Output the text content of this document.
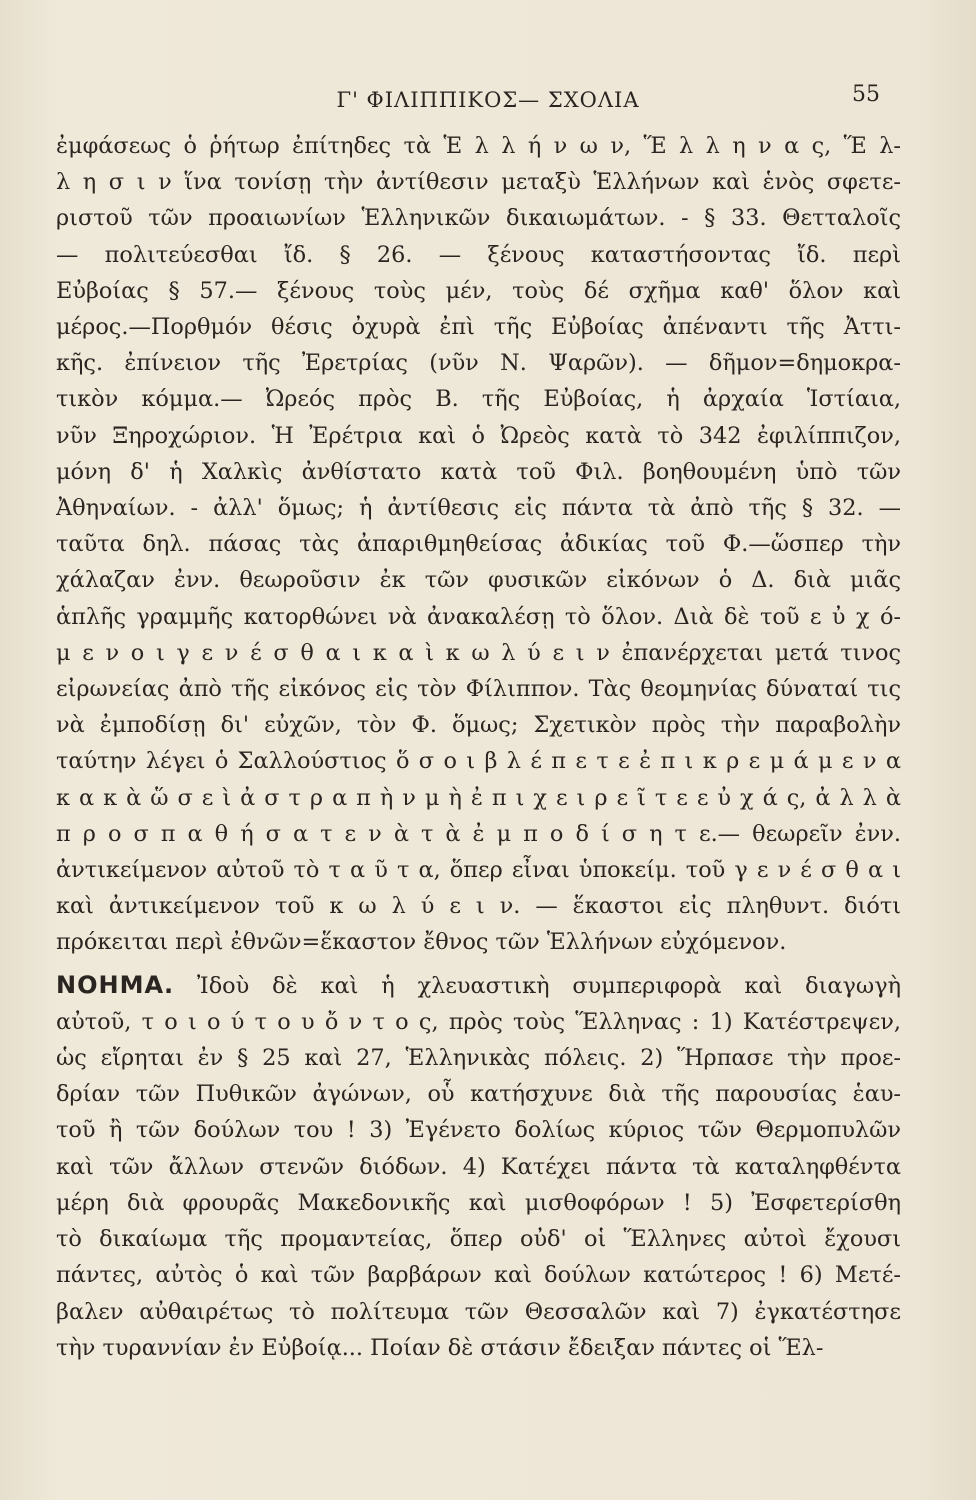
Γ' ΦΙΛΙΠΠΙΚΟΣ— ΣΧΟΛΙΑ	55
ἐμφάσεως ὁ ῥήτωρ ἐπίτηδες τὰ Ἑ λ λ ή ν ω ν, Ἕ λ λ η ν α ς, Ἕ λ-
λ η σ ι ν ἵνα τονίσῃ τὴν ἀντίθεσιν μεταξὺ Ἑλλήνων καὶ ἑνὸς σφετε-
ριστοῦ τῶν προαιωνίων Ἑλληνικῶν δικαιωμάτων. - § 33. Θετταλοῖς
— πολιτεύεσθαι ἴδ. § 26. — ξένους καταστήσοντας ἴδ. περὶ
Εὐβοίας § 57.— ξένους τοὺς μέν, τοὺς δέ σχῆμα καθ' ὅλον καὶ
μέρος.—Πορθμόν θέσις ὀχυρὰ ἐπὶ τῆς Εὐβοίας ἀπέναντι τῆς Ἀττι-
κῆς. ἐπίνειον τῆς Ἐρετρίας (νῦν Ν. Ψαρῶν). — δῆμον=δημοκρα-
τικὸν κόμμα.— Ὠρεός πρὸς Β. τῆς Εὐβοίας, ἡ ἀρχαία Ἱστίαια,
νῦν Ξηροχώριον. Ἡ Ἐρέτρια καὶ ὁ Ὠρεὸς κατὰ τὸ 342 ἐφιλίππιζον,
μόνη δ' ἡ Χαλκὶς ἀνθίστατο κατὰ τοῦ Φιλ. βοηθουμένη ὑπὸ τῶν
Ἀθηναίων. - ἀλλ' ὅμως; ἡ ἀντίθεσις εἰς πάντα τὰ ἀπὸ τῆς § 32. —
ταῦτα δηλ. πάσας τὰς ἀπαριθμηθείσας ἀδικίας τοῦ Φ.—ὥσπερ τὴν
χάλαζαν ἐνν. θεωροῦσιν ἐκ τῶν φυσικῶν εἰκόνων ὁ Δ. διὰ μιᾶς
ἁπλῆς γραμμῆς κατορθώνει νὰ ἀνακαλέσῃ τὸ ὅλον. Διὰ δὲ τοῦ ε ὐ χ ό-
μ ε ν ο ι γ ε ν έ σ θ α ι κ α ὶ κ ω λ ύ ε ι ν ἐπανέρχεται μετά τινος
εἰρωνείας ἀπὸ τῆς εἰκόνος εἰς τὸν Φίλιππον. Τὰς θεομηνίας δύναταί τις
νὰ ἐμποδίσῃ δι' εὐχῶν, τὸν Φ. ὅμως; Σχετικὸν πρὸς τὴν παραβολὴν
ταύτην λέγει ὁ Σαλλούστιος ὅ σ ο ι β λ έ π ε τ ε ἐ π ι κ ρ ε μ ά μ ε ν α
κ α κ ὰ ὥ σ ε ὶ ἀ σ τ ρ α π ὴ ν μ ὴ ἐ π ι χ ε ι ρ ε ῖ τ ε ε ὐ χ ά ς, ἀ λ λ ὰ
π ρ ο σ π α θ ή σ α τ ε ν ὰ τ ὰ ἐ μ π ο δ ί σ η τ ε.— θεωρεῖν ἐνν.
ἀντικείμενον αὐτοῦ τὸ τ α ῦ τ α, ὅπερ εἶναι ὑποκείμ. τοῦ γ ε ν έ σ θ α ι
καὶ ἀντικείμενον τοῦ κ ω λ ύ ε ι ν. — ἕκαστοι εἰς πληθυντ. διότι
πρόκειται περὶ ἐθνῶν=ἕκαστον ἔθνος τῶν Ἑλλήνων εὐχόμενον.
ΝΟΗΜΑ. Ἰδοὺ δὲ καὶ ἡ χλευαστικὴ συμπεριφορὰ καὶ διαγωγὴ
αὐτοῦ, τ ο ι ο ύ τ ο υ ὄ ν τ ο ς, πρὸς τοὺς Ἕλληνας : 1) Κατέστρεψεν,
ὡς εἴρηται ἐν § 25 καὶ 27, Ἑλληνικὰς πόλεις. 2) Ἥρπασε τὴν προε-
δρίαν τῶν Πυθικῶν ἀγώνων, οὗ κατήσχυνε διὰ τῆς παρουσίας ἑαυ-
τοῦ ἢ τῶν δούλων του ! 3) Ἐγένετο δολίως κύριος τῶν Θερμοπυλῶν
καὶ τῶν ἄλλων στενῶν διόδων. 4) Κατέχει πάντα τὰ καταληφθέντα
μέρη διὰ φρουρᾶς Μακεδονικῆς καὶ μισθοφόρων ! 5) Ἐσφετερίσθη
τὸ δικαίωμα τῆς προμαντείας, ὅπερ οὐδ' οἱ Ἕλληνες αὐτοὶ ἔχουσι
πάντες, αὐτὸς ὁ καὶ τῶν βαρβάρων καὶ δούλων κατώτερος ! 6) Μετέ-
βαλεν αὐθαιρέτως τὸ πολίτευμα τῶν Θεσσαλῶν καὶ 7) ἐγκατέστησε
τὴν τυραννίαν ἐν Εὐβοίᾳ... Ποίαν δὲ στάσιν ἔδειξαν πάντες οἱ Ἕλ-
